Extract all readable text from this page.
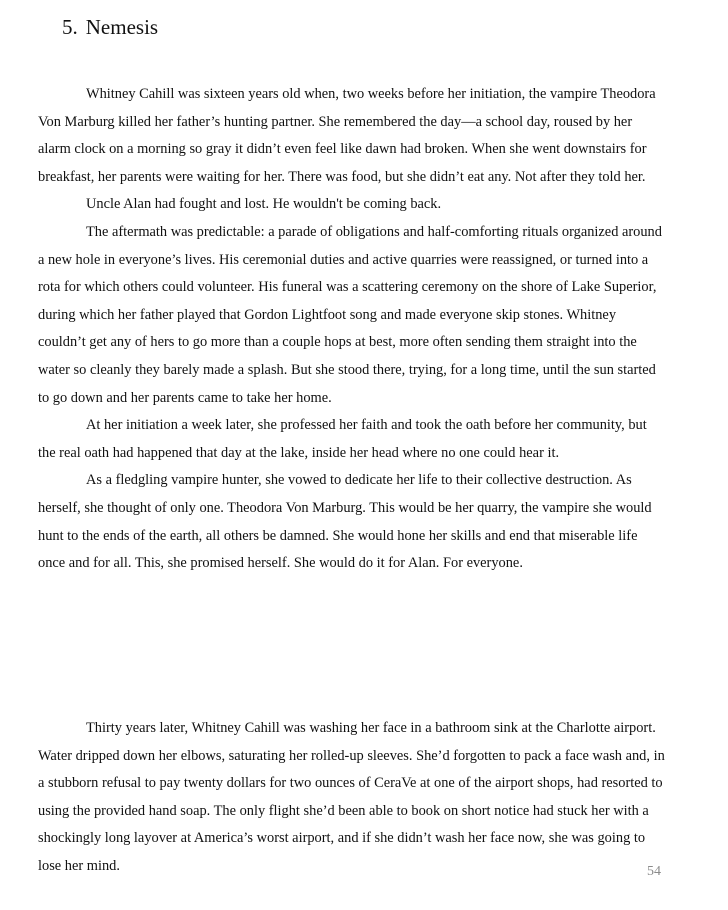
5. Nemesis

Whitney Cahill was sixteen years old when, two weeks before her initiation, the vampire Theodora Von Marburg killed her father’s hunting partner. She remembered the day—a school day, roused by her alarm clock on a morning so gray it didn’t even feel like dawn had broken. When she went downstairs for breakfast, her parents were waiting for her. There was food, but she didn’t eat any. Not after they told her.

Uncle Alan had fought and lost. He wouldn't be coming back.

The aftermath was predictable: a parade of obligations and half-comforting rituals organized around a new hole in everyone’s lives. His ceremonial duties and active quarries were reassigned, or turned into a rota for which others could volunteer. His funeral was a scattering ceremony on the shore of Lake Superior, during which her father played that Gordon Lightfoot song and made everyone skip stones. Whitney couldn’t get any of hers to go more than a couple hops at best, more often sending them straight into the water so cleanly they barely made a splash. But she stood there, trying, for a long time, until the sun started to go down and her parents came to take her home.

At her initiation a week later, she professed her faith and took the oath before her community, but the real oath had happened that day at the lake, inside her head where no one could hear it.

As a fledgling vampire hunter, she vowed to dedicate her life to their collective destruction. As herself, she thought of only one. Theodora Von Marburg. This would be her quarry, the vampire she would hunt to the ends of the earth, all others be damned. She would hone her skills and end that miserable life once and for all. This, she promised herself. She would do it for Alan. For everyone.

Thirty years later, Whitney Cahill was washing her face in a bathroom sink at the Charlotte airport. Water dripped down her elbows, saturating her rolled-up sleeves. She’d forgotten to pack a face wash and, in a stubborn refusal to pay twenty dollars for two ounces of CeraVe at one of the airport shops, had resorted to using the provided hand soap. The only flight she’d been able to book on short notice had stuck her with a shockingly long layover at America’s worst airport, and if she didn’t wash her face now, she was going to lose her mind.	54
